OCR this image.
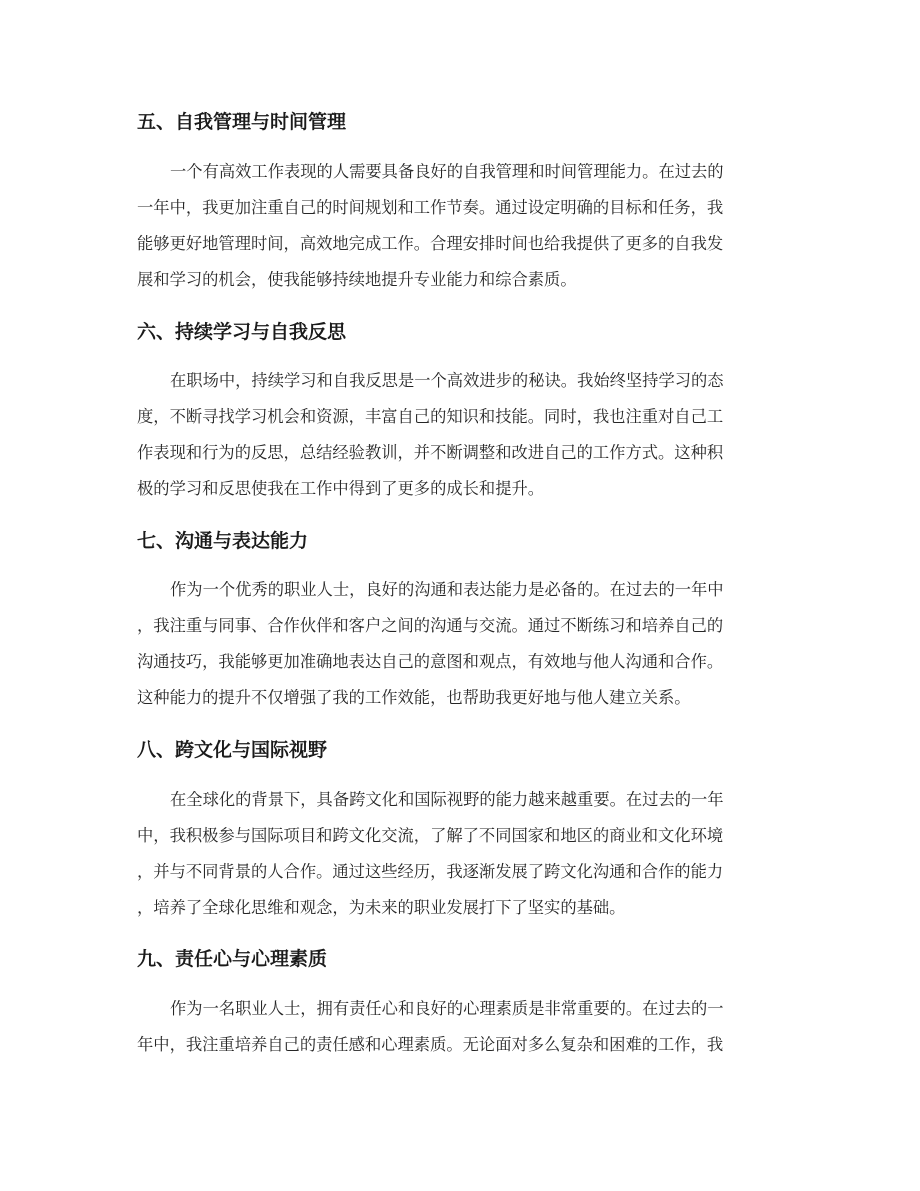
五、自我管理与时间管理
一个有高效工作表现的人需要具备良好的自我管理和时间管理能力。在过去的
一年中，我更加注重自己的时间规划和工作节奏。通过设定明确的目标和任务，我
能够更好地管理时间，高效地完成工作。合理安排时间也给我提供了更多的自我发
展和学习的机会，使我能够持续地提升专业能力和综合素质。
六、持续学习与自我反思
在职场中，持续学习和自我反思是一个高效进步的秘诀。我始终坚持学习的态
度，不断寻找学习机会和资源，丰富自己的知识和技能。同时，我也注重对自己工
作表现和行为的反思，总结经验教训，并不断调整和改进自己的工作方式。这种积
极的学习和反思使我在工作中得到了更多的成长和提升。
七、沟通与表达能力
作为一个优秀的职业人士，良好的沟通和表达能力是必备的。在过去的一年中
，我注重与同事、合作伙伴和客户之间的沟通与交流。通过不断练习和培养自己的
沟通技巧，我能够更加准确地表达自己的意图和观点，有效地与他人沟通和合作。
这种能力的提升不仅增强了我的工作效能，也帮助我更好地与他人建立关系。
八、跨文化与国际视野
在全球化的背景下，具备跨文化和国际视野的能力越来越重要。在过去的一年
中，我积极参与国际项目和跨文化交流，了解了不同国家和地区的商业和文化环境
，并与不同背景的人合作。通过这些经历，我逐渐发展了跨文化沟通和合作的能力
，培养了全球化思维和观念，为未来的职业发展打下了坚实的基础。
九、责任心与心理素质
作为一名职业人士，拥有责任心和良好的心理素质是非常重要的。在过去的一
年中，我注重培养自己的责任感和心理素质。无论面对多么复杂和困难的工作，我
